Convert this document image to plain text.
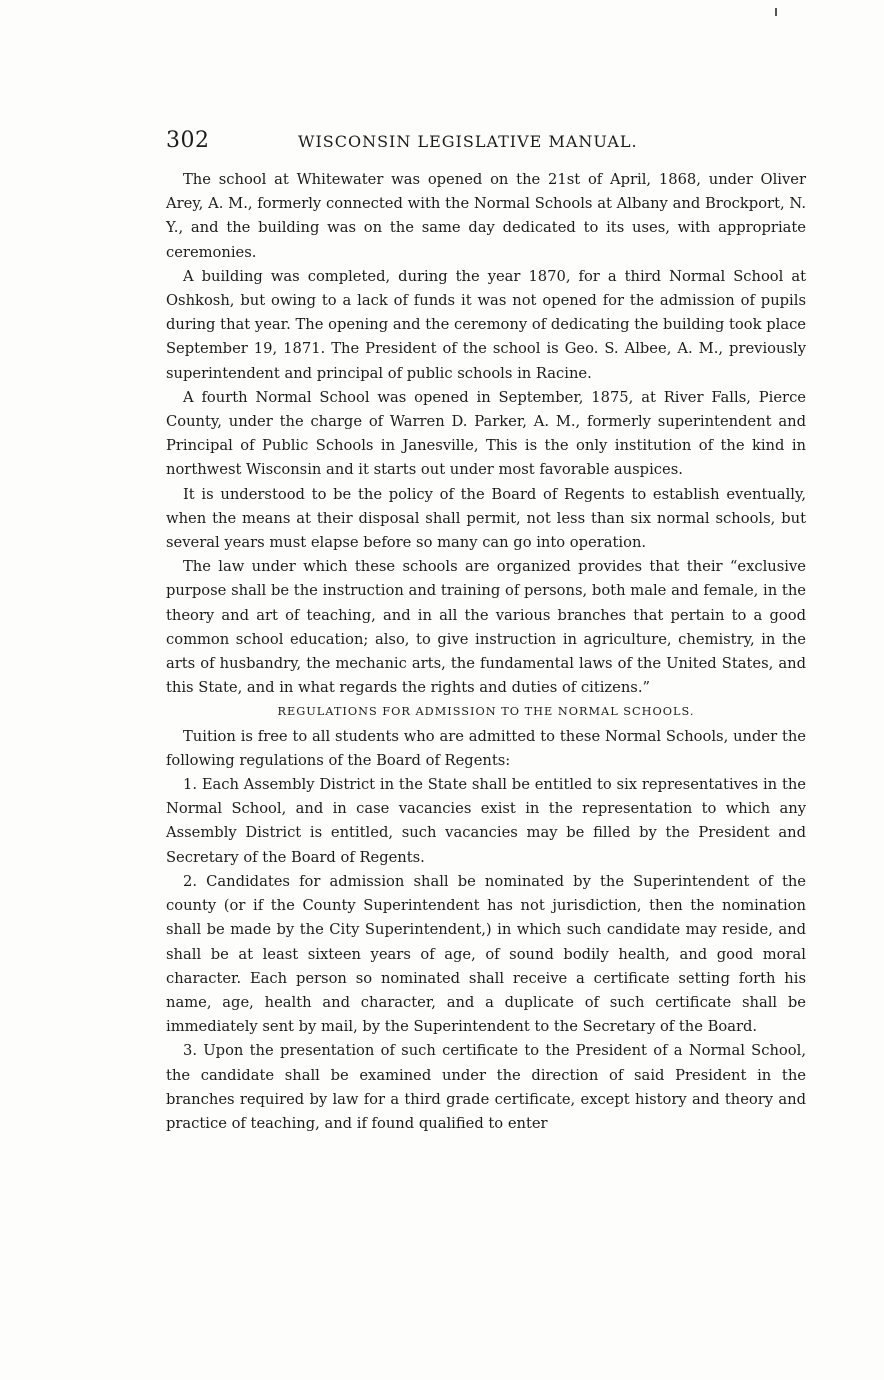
302	WISCONSIN LEGISLATIVE MANUAL.

The school at Whitewater was opened on the 21st of April, 1868, under Oliver Arey, A. M., formerly connected with the Normal Schools at Albany and Brockport, N. Y., and the building was on the same day dedicated to its uses, with appropriate ceremonies.

A building was completed, during the year 1870, for a third Normal School at Oshkosh, but owing to a lack of funds it was not opened for the admission of pupils during that year. The opening and the ceremony of dedicating the building took place September 19, 1871. The President of the school is Geo. S. Albee, A. M., previously superintendent and principal of public schools in Racine.

A fourth Normal School was opened in September, 1875, at River Falls, Pierce County, under the charge of Warren D. Parker, A. M., formerly superintendent and Principal of Public Schools in Janesville, This is the only institution of the kind in northwest Wisconsin and it starts out under most favorable auspices.

It is understood to be the policy of the Board of Regents to establish eventually, when the means at their disposal shall permit, not less than six normal schools, but several years must elapse before so many can go into operation.

The law under which these schools are organized provides that their “exclusive purpose shall be the instruction and training of persons, both male and female, in the theory and art of teaching, and in all the various branches that pertain to a good common school education; also, to give instruction in agriculture, chemistry, in the arts of husbandry, the mechanic arts, the fundamental laws of the United States, and this State, and in what regards the rights and duties of citizens.”

REGULATIONS FOR ADMISSION TO THE NORMAL SCHOOLS.

Tuition is free to all students who are admitted to these Normal Schools, under the following regulations of the Board of Regents:

1. Each Assembly District in the State shall be entitled to six representatives in the Normal School, and in case vacancies exist in the representation to which any Assembly District is entitled, such vacancies may be filled by the President and Secretary of the Board of Regents.

2. Candidates for admission shall be nominated by the Superintendent of the county (or if the County Superintendent has not jurisdiction, then the nomination shall be made by the City Superintendent,) in which such candidate may reside, and shall be at least sixteen years of age, of sound bodily health, and good moral character. Each person so nominated shall receive a certificate setting forth his name, age, health and character, and a duplicate of such certificate shall be immediately sent by mail, by the Superintendent to the Secretary of the Board.

3. Upon the presentation of such certificate to the President of a Normal School, the candidate shall be examined under the direction of said President in the branches required by law for a third grade certificate, except history and theory and practice of teaching, and if found qualified to enter
